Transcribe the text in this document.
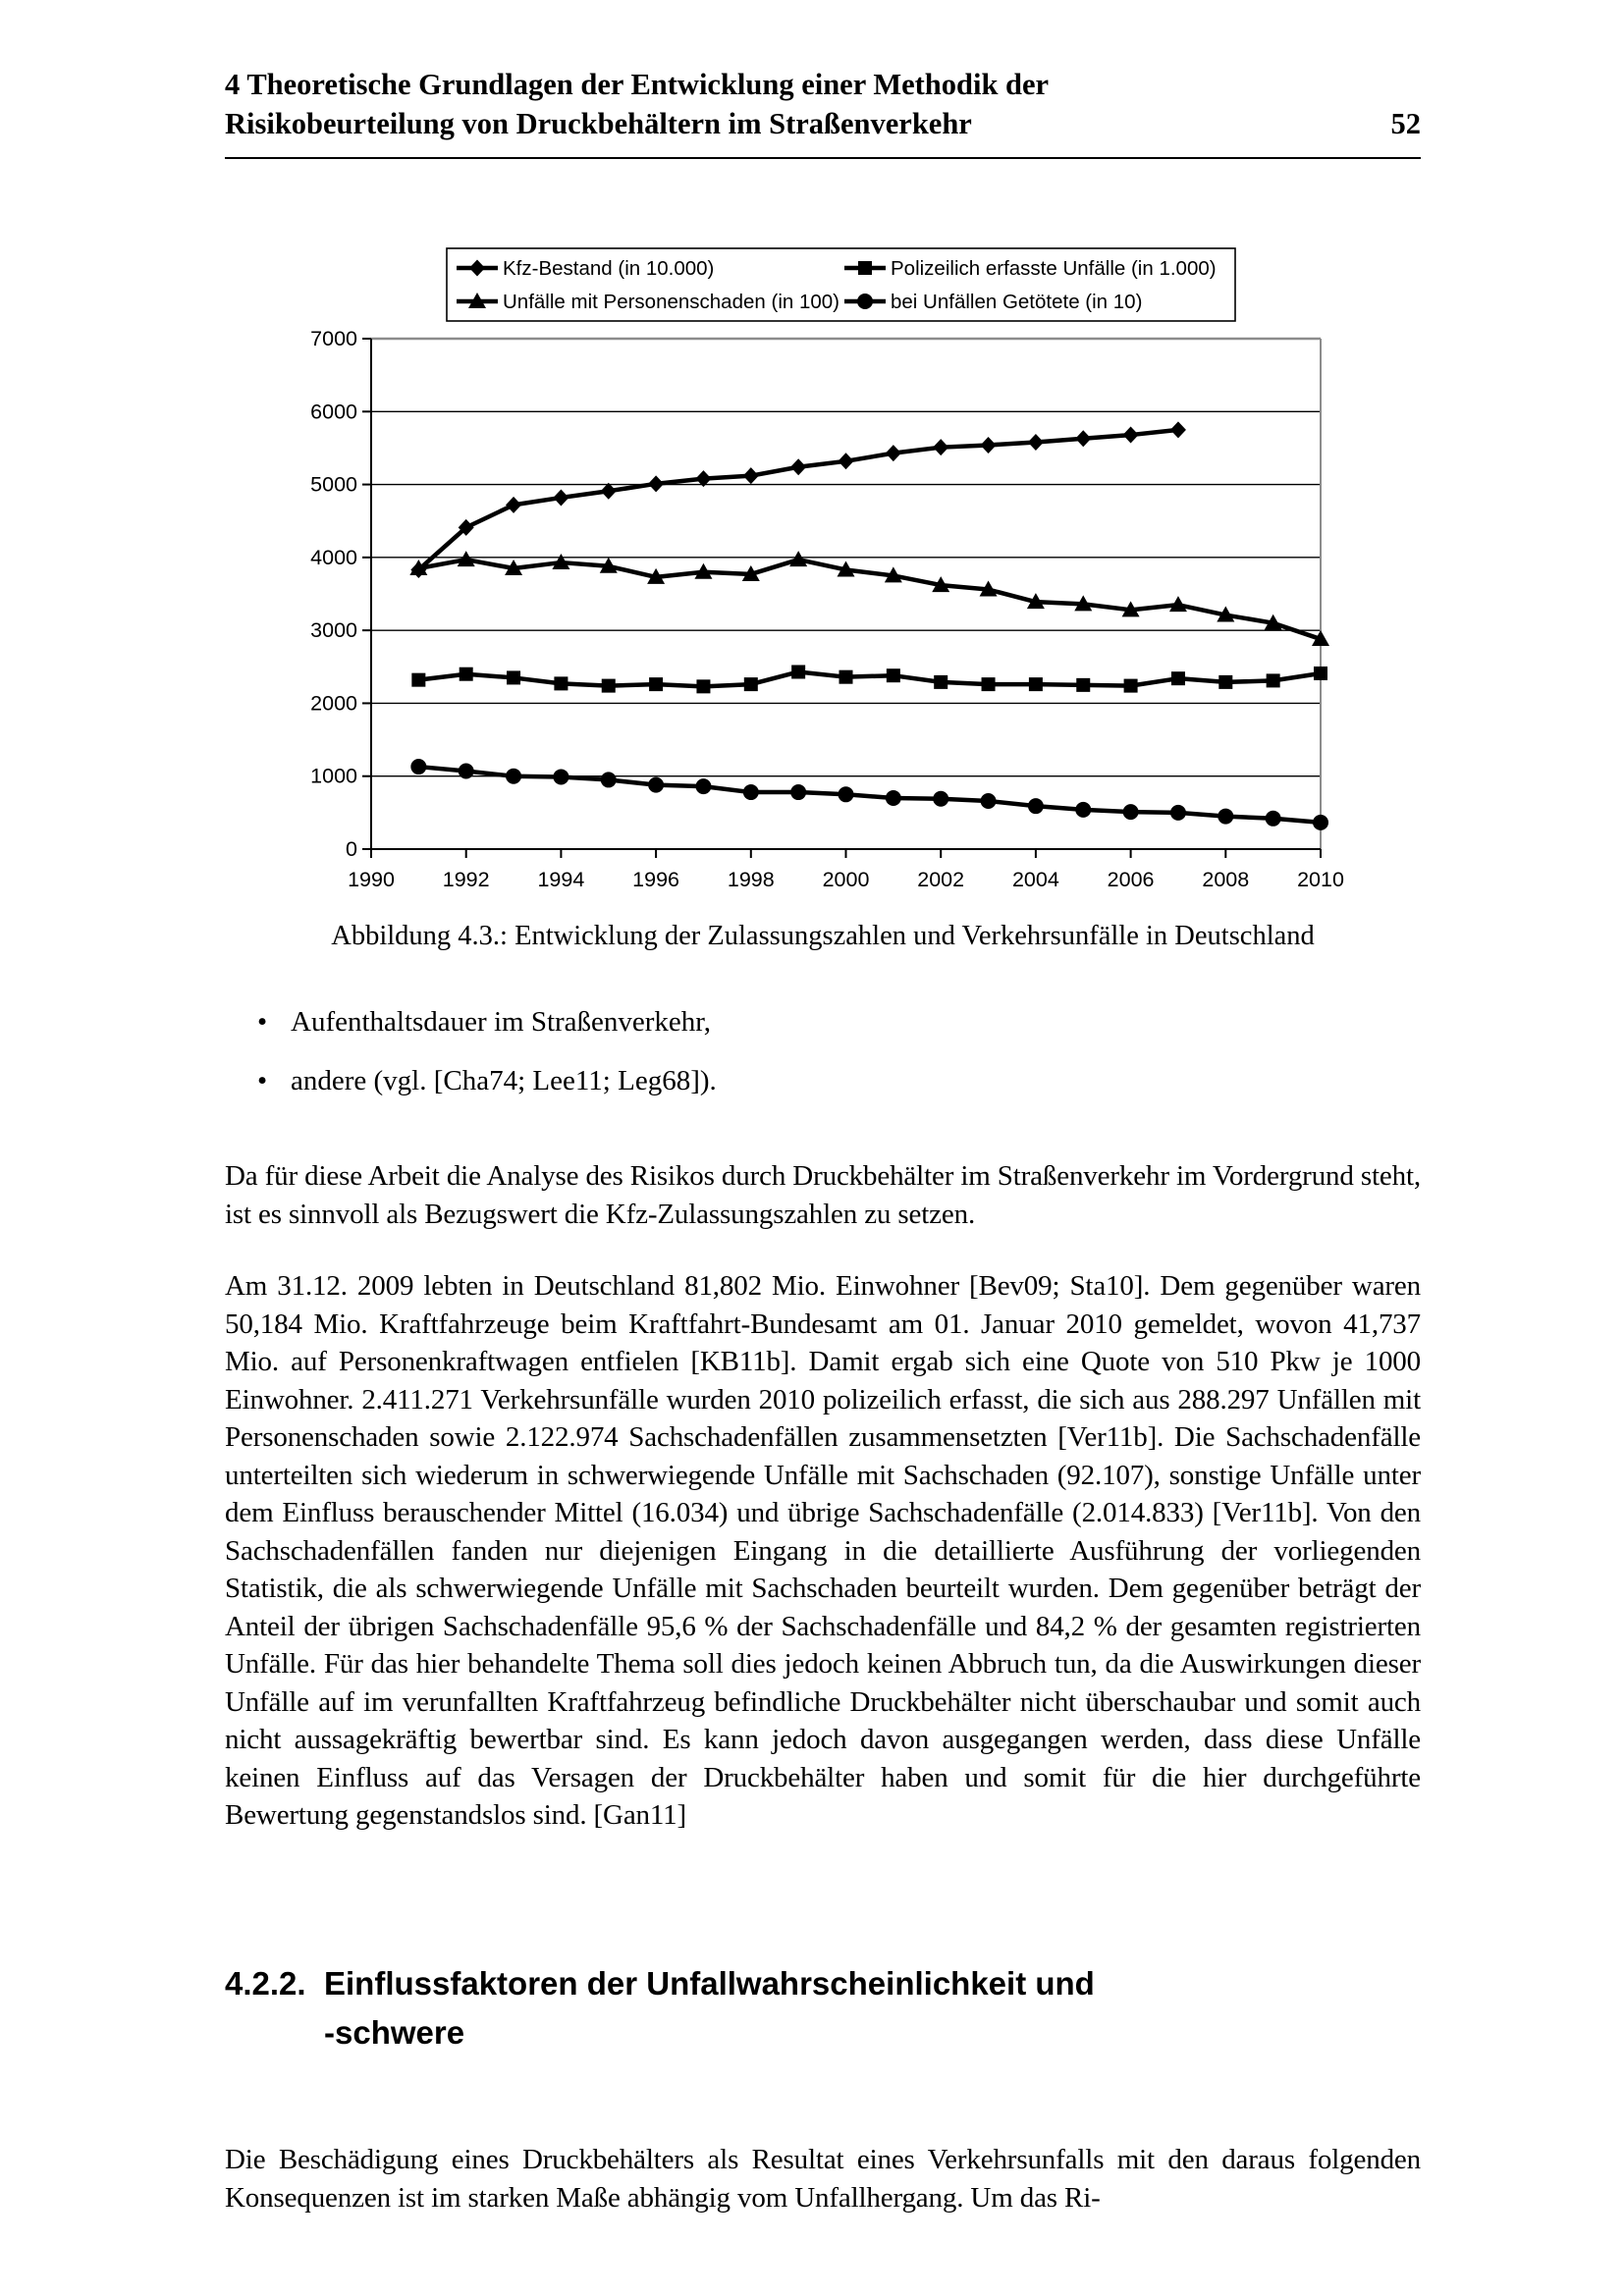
4 Theoretische Grundlagen der Entwicklung einer Methodik der
Risikobeurteilung von Druckbehältern im Straßenverkehr	52
0
1000
2000
3000
4000
5000
6000
7000
1990 1992 1994 1996 1998 2000 2002 2004 2006 2008 2010
Kfz-Bestand (in 10.000)	Polizeilich erfasste Unfälle (in 1.000)
Unfälle mit Personenschaden (in 100)	bei Unfällen Getötete (in 10)
Abbildung 4.3.: Entwicklung der Zulassungszahlen und Verkehrsunfälle in Deutschland
• Aufenthaltsdauer im Straßenverkehr,
• andere (vgl. [Cha74; Lee11; Leg68]).

Da für diese Arbeit die Analyse des Risikos durch Druckbehälter im Straßenverkehr im Vordergrund steht, ist es sinnvoll als Bezugswert die Kfz-Zulassungszahlen zu setzen.

Am 31.12. 2009 lebten in Deutschland 81,802 Mio. Einwohner [Bev09; Sta10]. Dem gegenüber waren 50,184 Mio. Kraftfahrzeuge beim Kraftfahrt-Bundesamt am 01. Januar 2010 gemeldet, wovon 41,737 Mio. auf Personenkraftwagen entfielen [KB11b]. Damit ergab sich eine Quote von 510 Pkw je 1000 Einwohner. 2.411.271 Verkehrsunfälle wurden 2010 polizeilich erfasst, die sich aus 288.297 Unfällen mit Personenschaden sowie 2.122.974 Sachschadenfällen zusammensetzten [Ver11b]. Die Sachschadenfälle unterteilten sich wiederum in schwerwiegende Unfälle mit Sachschaden (92.107), sonstige Unfälle unter dem Einfluss berauschender Mittel (16.034) und übrige Sachschadenfälle (2.014.833) [Ver11b]. Von den Sachschadenfällen fanden nur diejenigen Eingang in die detaillierte Ausführung der vorliegenden Statistik, die als schwerwiegende Unfälle mit Sachschaden beurteilt wurden. Dem gegenüber beträgt der Anteil der übrigen Sachschadenfälle 95,6 % der Sachschadenfälle und 84,2 % der gesamten registrierten Unfälle. Für das hier behandelte Thema soll dies jedoch keinen Abbruch tun, da die Auswirkungen dieser Unfälle auf im verunfallten Kraftfahrzeug befindliche Druckbehälter nicht überschaubar und somit auch nicht aussagekräftig bewertbar sind. Es kann jedoch davon ausgegangen werden, dass diese Unfälle keinen Einfluss auf das Versagen der Druckbehälter haben und somit für die hier durchgeführte Bewertung gegenstandslos sind. [Gan11]

4.2.2. Einflussfaktoren der Unfallwahrscheinlichkeit und
-schwere

Die Beschädigung eines Druckbehälters als Resultat eines Verkehrsunfalls mit den daraus folgenden Konsequenzen ist im starken Maße abhängig vom Unfallhergang. Um das Ri-
